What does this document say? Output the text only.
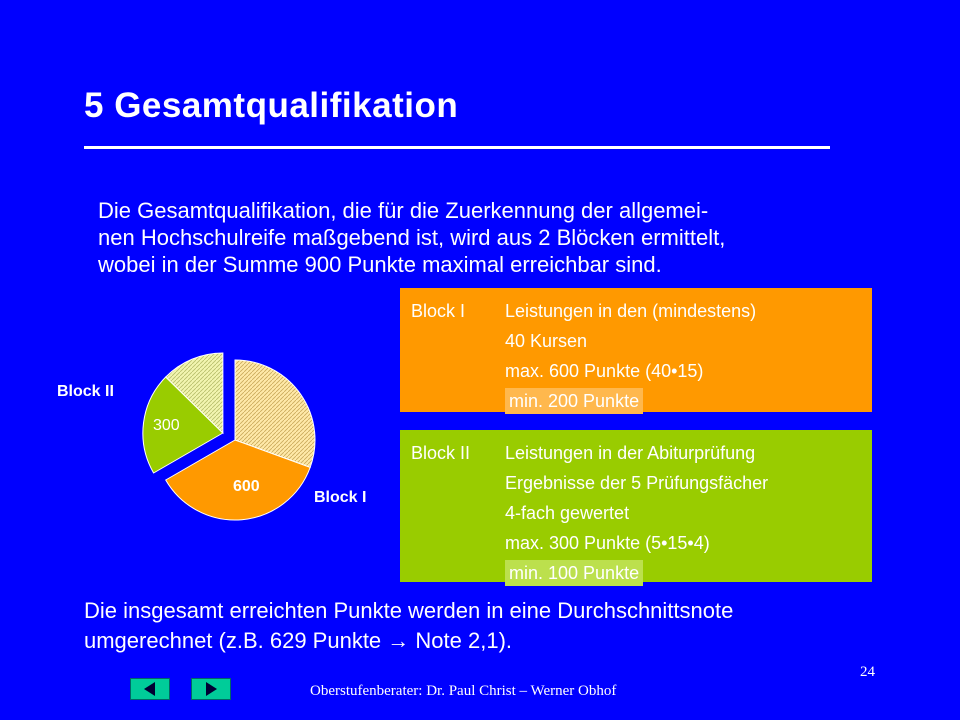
5 Gesamtqualifikation
Die Gesamtqualifikation, die für die Zuerkennung der allgemei-
nen Hochschulreife maßgebend ist, wird aus 2 Blöcken ermittelt,
wobei in der Summe 900 Punkte maximal erreichbar sind.
600
300
Block II
Block I
Block I	Leistungen in den (mindestens)
40 Kursen
max. 600 Punkte (40•15)
min. 200 Punkte
Block II	Leistungen in der Abiturprüfung
Ergebnisse der 5 Prüfungsfächer
4-fach gewertet
max. 300 Punkte (5•15•4)
min. 100 Punkte
Die insgesamt erreichten Punkte werden in eine Durchschnittsnote
umgerechnet (z.B. 629 Punkte → Note 2,1).
Oberstufenberater: Dr. Paul Christ – Werner Obhof
24
